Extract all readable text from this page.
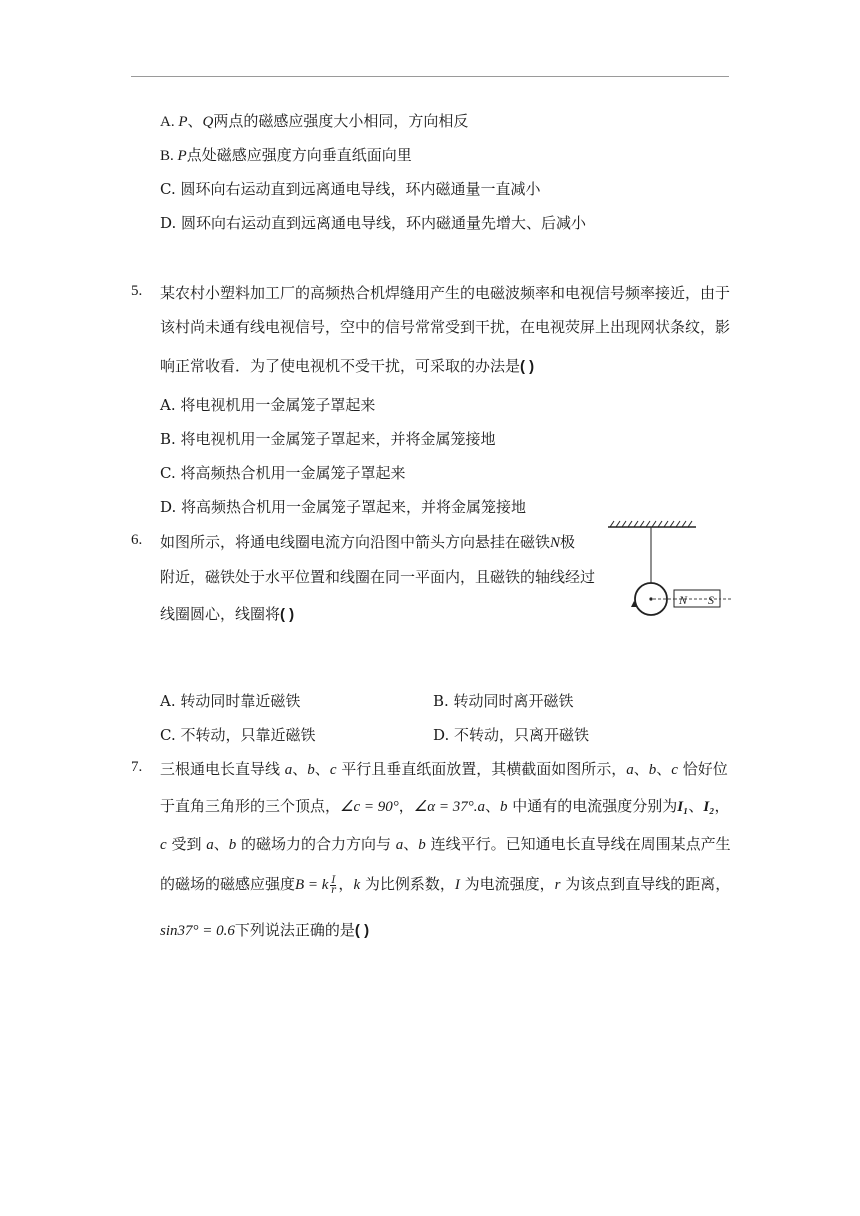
A. P、Q两点的磁感应强度大小相同，方向相反
B. P点处磁感应强度方向垂直纸面向里
C. 圆环向右运动直到远离通电导线，环内磁通量一直减小
D. 圆环向右运动直到远离通电导线，环内磁通量先增大、后减小
5. 某农村小塑料加工厂的高频热合机焊缝用产生的电磁波频率和电视信号频率接近，由于
该村尚未通有线电视信号，空中的信号常常受到干扰，在电视荧屏上出现网状条纹，影
响正常收看．为了使电视机不受干扰，可采取的办法是( )
A. 将电视机用一金属笼子罩起来
B. 将电视机用一金属笼子罩起来，并将金属笼接地
C. 将高频热合机用一金属笼子罩起来
D. 将高频热合机用一金属笼子罩起来，并将金属笼接地
6. 如图所示，将通电线圈电流方向沿图中箭头方向悬挂在磁铁N极
附近，磁铁处于水平位置和线圈在同一平面内，且磁铁的轴线经过
线圈圆心，线圈将( )
N S
A. 转动同时靠近磁铁	B. 转动同时离开磁铁
C. 不转动，只靠近磁铁	D. 不转动，只离开磁铁
7. 三根通电长直导线 a、b、c 平行且垂直纸面放置，其横截面如图所示，a、b、c 恰好位
于直角三角形的三个顶点，∠c = 90°，∠α = 37°.a、b 中通有的电流强度分别为I₁、I₂，
c 受到 a、b 的磁场力的合力方向与 a、b 连线平行。已知通电长直导线在周围某点产生
的磁场的磁感应强度B = k $\frac{I}{r}$ ，k 为比例系数，I 为电流强度，r 为该点到直导线的距离，
sin37° = 0.6下列说法正确的是( )
